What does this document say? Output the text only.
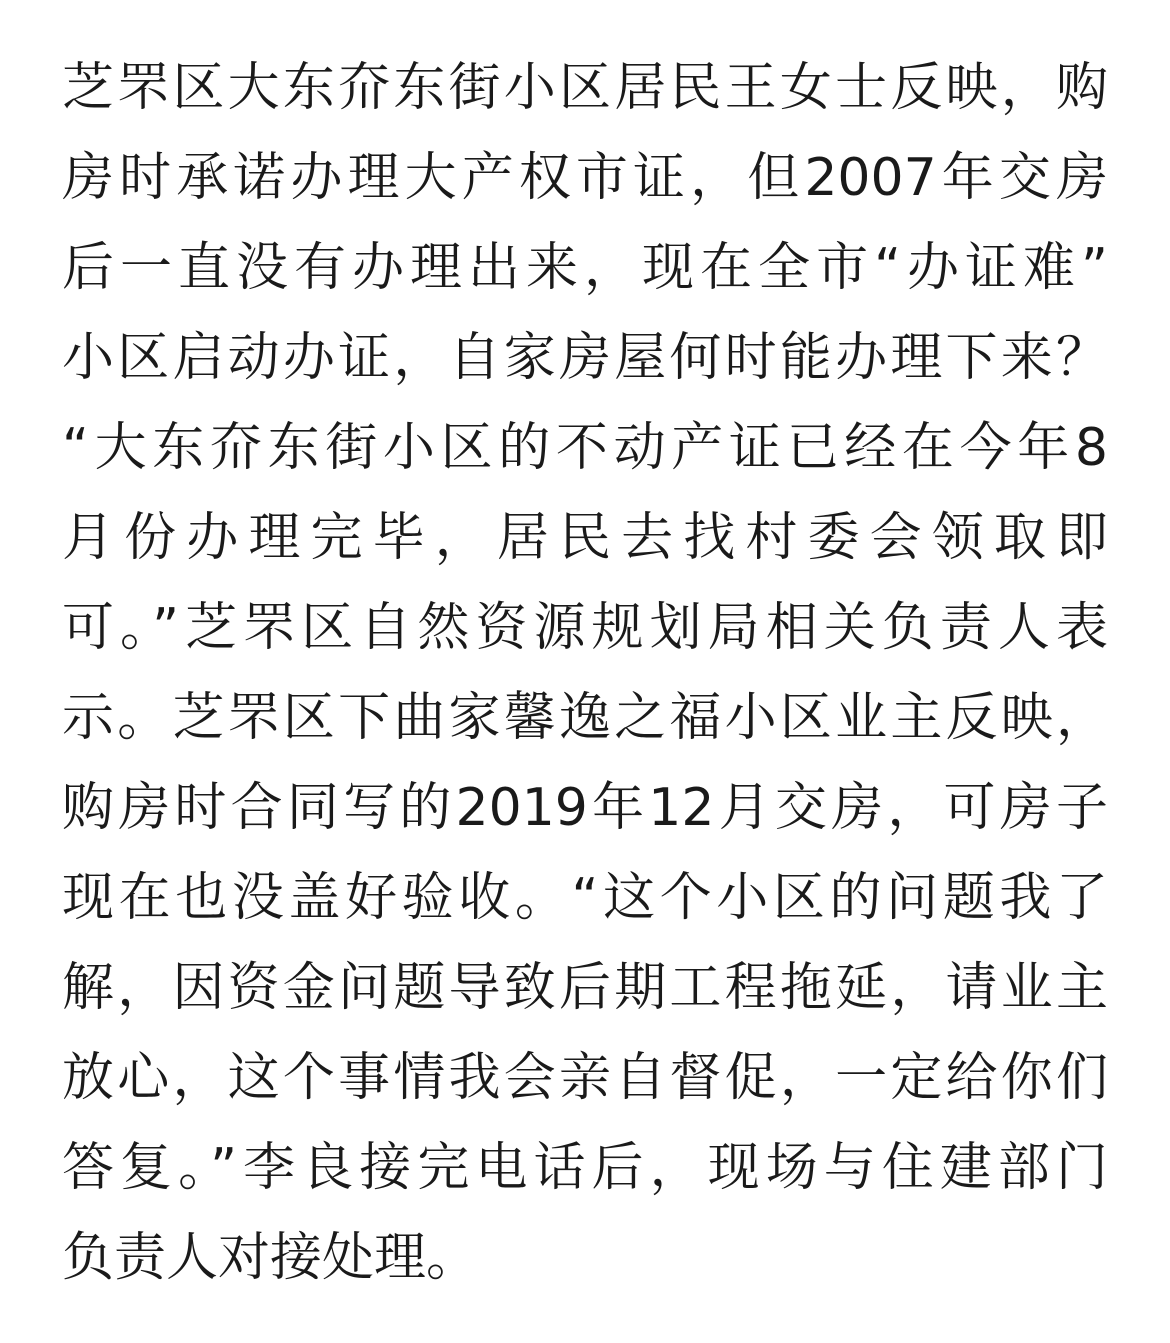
芝罘区大东夼东街小区居民王女士反映，购
房时承诺办理大产权市证，但2007年交房
后一直没有办理出来，现在全市“办证难”
小区启动办证，自家房屋何时能办理下来？
“大东夼东街小区的不动产证已经在今年8
月份办理完毕，居民去找村委会领取即
可。”芝罘区自然资源规划局相关负责人表
示。芝罘区下曲家馨逸之福小区业主反映，
购房时合同写的2019年12月交房，可房子
现在也没盖好验收。“这个小区的问题我了
解，因资金问题导致后期工程拖延，请业主
放心，这个事情我会亲自督促，一定给你们
答复。”李良接完电话后，现场与住建部门
负责人对接处理。
